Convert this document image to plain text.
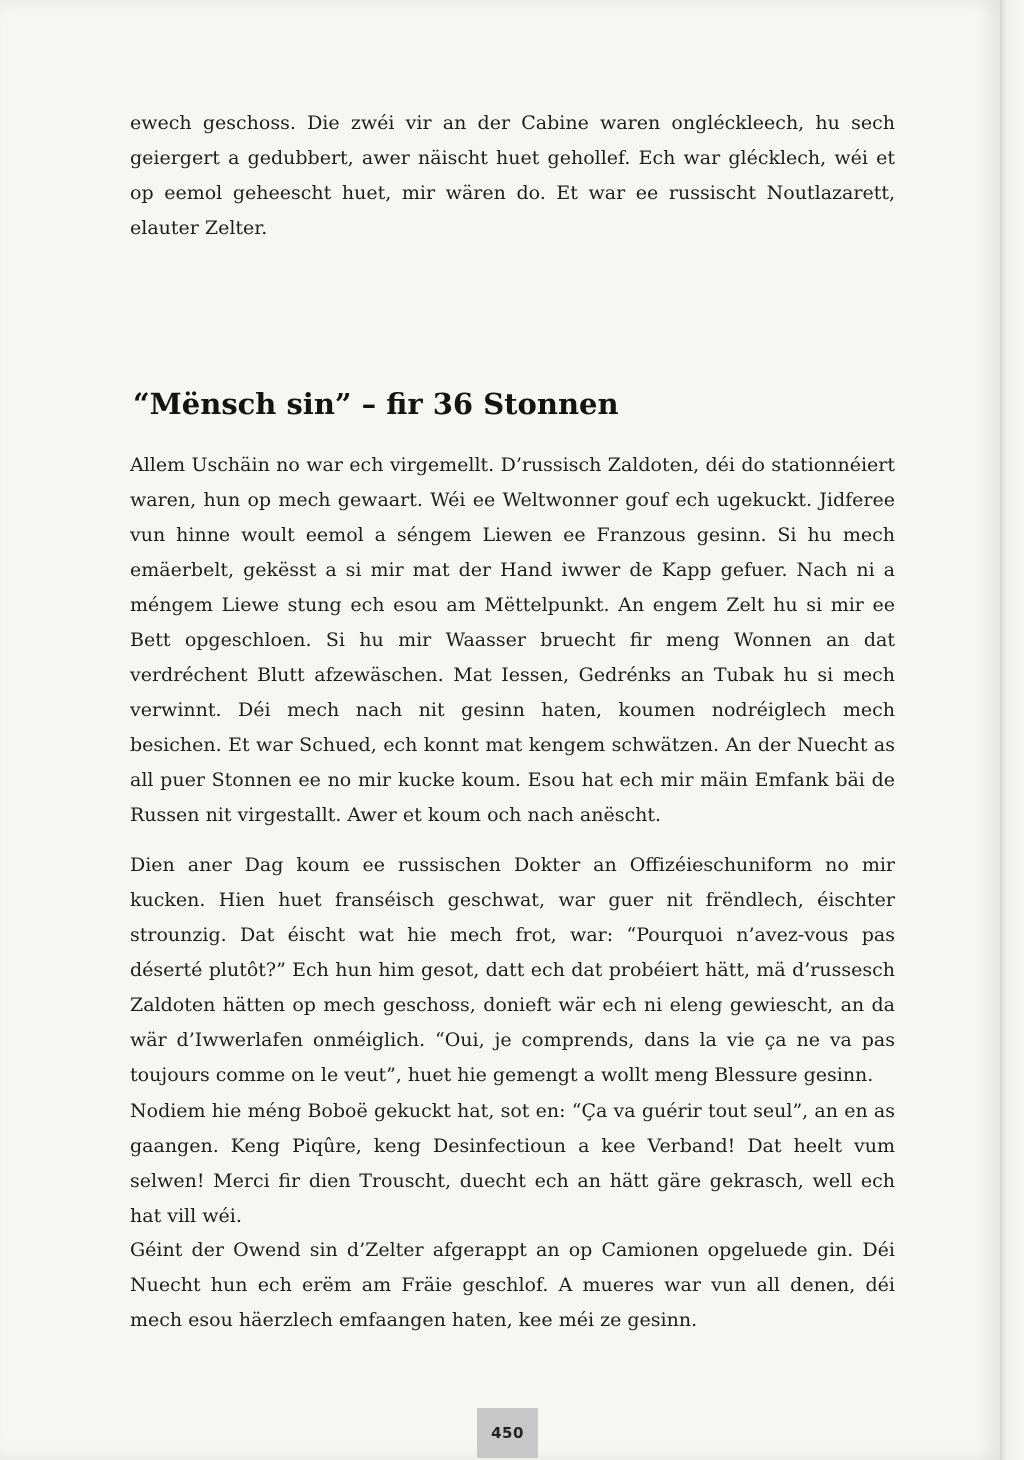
ewech geschoss. Die zwéi vir an der Cabine waren ongléckleech, hu sech geiergert a gedubbert, awer näischt huet gehollef. Ech war glécklech, wéi et op eemol geheescht huet, mir wären do. Et war ee russischt Noutlazarett, elauter Zelter.

“Mënsch sin” – fir 36 Stonnen

Allem Uschäin no war ech virgemellt. D’russisch Zaldoten, déi do stationnéiert waren, hun op mech gewaart. Wéi ee Weltwonner gouf ech ugekuckt. Jidferee vun hinne woult eemol a séngem Liewen ee Franzous gesinn. Si hu mech emäerbelt, gekësst a si mir mat der Hand iwwer de Kapp gefuer. Nach ni a méngem Liewe stung ech esou am Mëttelpunkt. An engem Zelt hu si mir ee Bett opgeschloen. Si hu mir Waasser bruecht fir meng Wonnen an dat verdréchent Blutt afzewäschen. Mat Iessen, Gedrénks an Tubak hu si mech verwinnt. Déi mech nach nit gesinn haten, koumen nodréiglech mech besichen. Et war Schued, ech konnt mat kengem schwätzen. An der Nuecht as all puer Stonnen ee no mir kucke koum. Esou hat ech mir mäin Emfank bäi de Russen nit virgestallt. Awer et koum och nach anëscht.

Dien aner Dag koum ee russischen Dokter an Offizéieschuniform no mir kucken. Hien huet franséisch geschwat, war guer nit frëndlech, éischter strounzig. Dat éischt wat hie mech frot, war: “Pourquoi n’avez-vous pas déserté plutôt?” Ech hun him gesot, datt ech dat probéiert hätt, mä d’russesch Zaldoten hätten op mech geschoss, donieft wär ech ni eleng gewiescht, an da wär d’Iwwerlafen onméiglich. “Oui, je comprends, dans la vie ça ne va pas toujours comme on le veut”, huet hie gemengt a wollt meng Blessure gesinn.

Nodiem hie méng Boboë gekuckt hat, sot en: “Ça va guérir tout seul”, an en as gaangen. Keng Piqûre, keng Desinfectioun a kee Verband! Dat heelt vum selwen! Merci fir dien Trouscht, duecht ech an hätt gäre gekrasch, well ech hat vill wéi.

Géint der Owend sin d’Zelter afgerappt an op Camionen opgeluede gin. Déi Nuecht hun ech erëm am Fräie geschlof. A mueres war vun all denen, déi mech esou häerzlech emfaangen haten, kee méi ze gesinn.

450
